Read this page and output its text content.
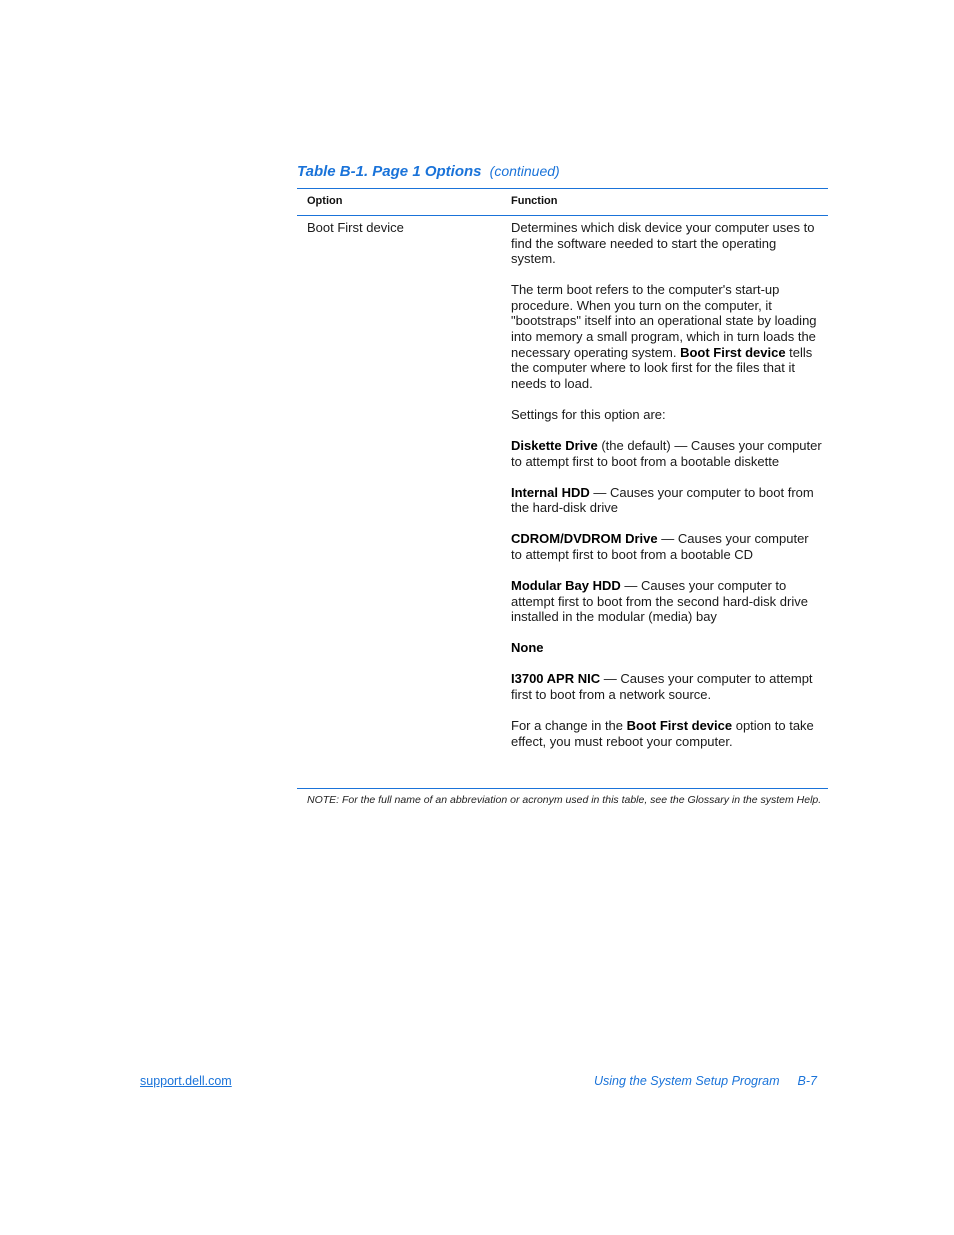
Table B-1. Page 1 Options (continued)
Option	Function
Boot First device	Determines which disk device your computer uses to find the software needed to start the operating system.

The term boot refers to the computer's start-up procedure. When you turn on the computer, it "bootstraps" itself into an operational state by loading into memory a small program, which in turn loads the necessary operating system. Boot First device tells the computer where to look first for the files that it needs to load.

Settings for this option are:

Diskette Drive (the default) — Causes your computer to attempt first to boot from a bootable diskette

Internal HDD — Causes your computer to boot from the hard-disk drive

CDROM/DVDROM Drive — Causes your computer to attempt first to boot from a bootable CD

Modular Bay HDD — Causes your computer to attempt first to boot from the second hard-disk drive installed in the modular (media) bay

None

I3700 APR NIC — Causes your computer to attempt first to boot from a network source.

For a change in the Boot First device option to take effect, you must reboot your computer.

NOTE: For the full name of an abbreviation or acronym used in this table, see the Glossary in the system Help.
support.dell.com	Using the System Setup Program B-7
